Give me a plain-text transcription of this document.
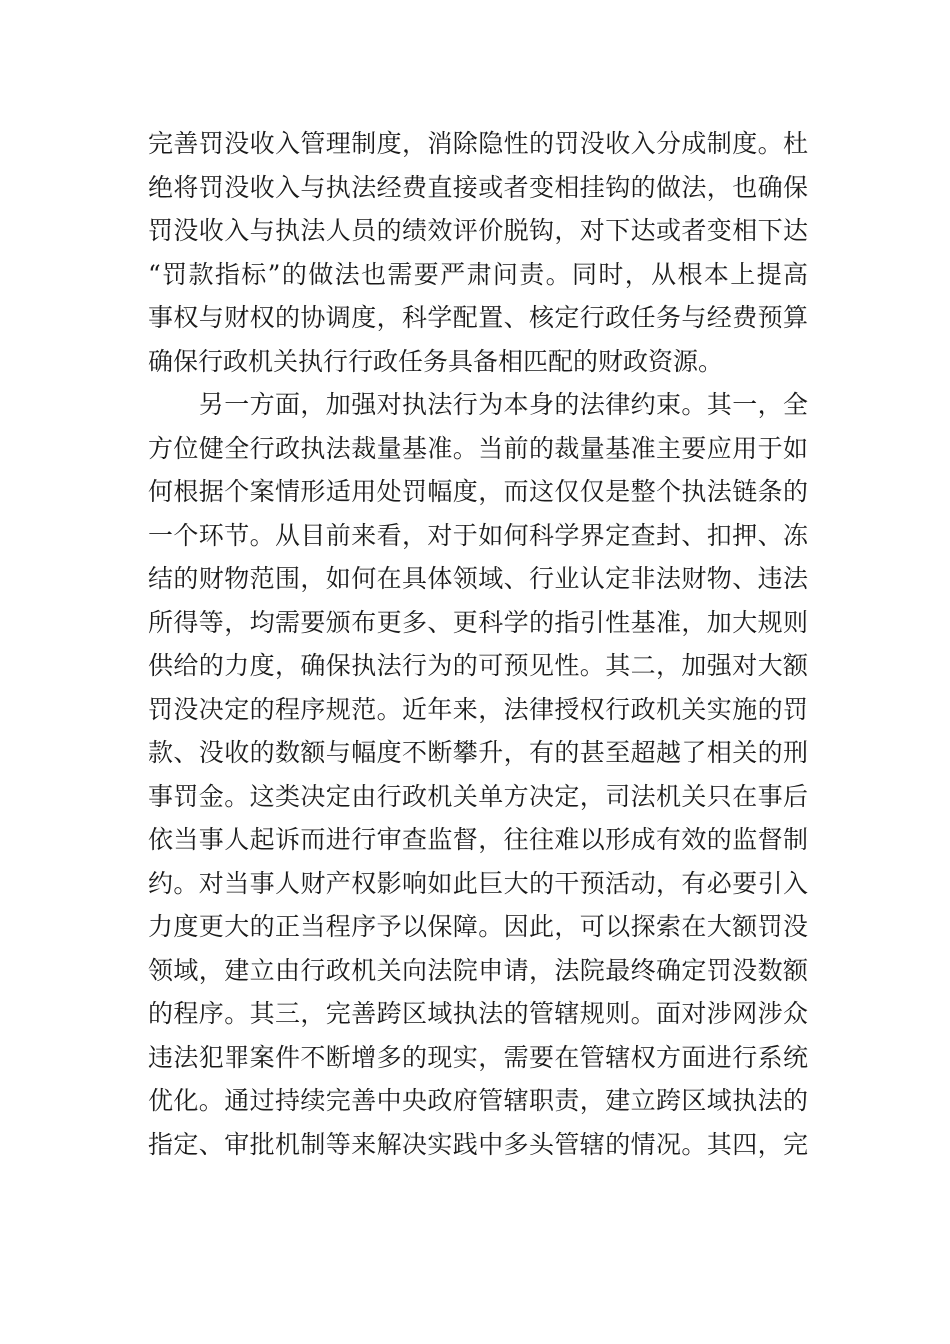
完善罚没收入管理制度，消除隐性的罚没收入分成制度。杜
绝将罚没收入与执法经费直接或者变相挂钩的做法，也确保
罚没收入与执法人员的绩效评价脱钩，对下达或者变相下达
“罚款指标”的做法也需要严肃问责。同时，从根本上提高
事权与财权的协调度，科学配置、核定行政任务与经费预算
确保行政机关执行行政任务具备相匹配的财政资源。
　　另一方面，加强对执法行为本身的法律约束。其一，全
方位健全行政执法裁量基准。当前的裁量基准主要应用于如
何根据个案情形适用处罚幅度，而这仅仅是整个执法链条的
一个环节。从目前来看，对于如何科学界定查封、扣押、冻
结的财物范围，如何在具体领域、行业认定非法财物、违法
所得等，均需要颁布更多、更科学的指引性基准，加大规则
供给的力度，确保执法行为的可预见性。其二，加强对大额
罚没决定的程序规范。近年来，法律授权行政机关实施的罚
款、没收的数额与幅度不断攀升，有的甚至超越了相关的刑
事罚金。这类决定由行政机关单方决定，司法机关只在事后
依当事人起诉而进行审查监督，往往难以形成有效的监督制
约。对当事人财产权影响如此巨大的干预活动，有必要引入
力度更大的正当程序予以保障。因此，可以探索在大额罚没
领域，建立由行政机关向法院申请，法院最终确定罚没数额
的程序。其三，完善跨区域执法的管辖规则。面对涉网涉众
违法犯罪案件不断增多的现实，需要在管辖权方面进行系统
优化。通过持续完善中央政府管辖职责，建立跨区域执法的
指定、审批机制等来解决实践中多头管辖的情况。其四，完
